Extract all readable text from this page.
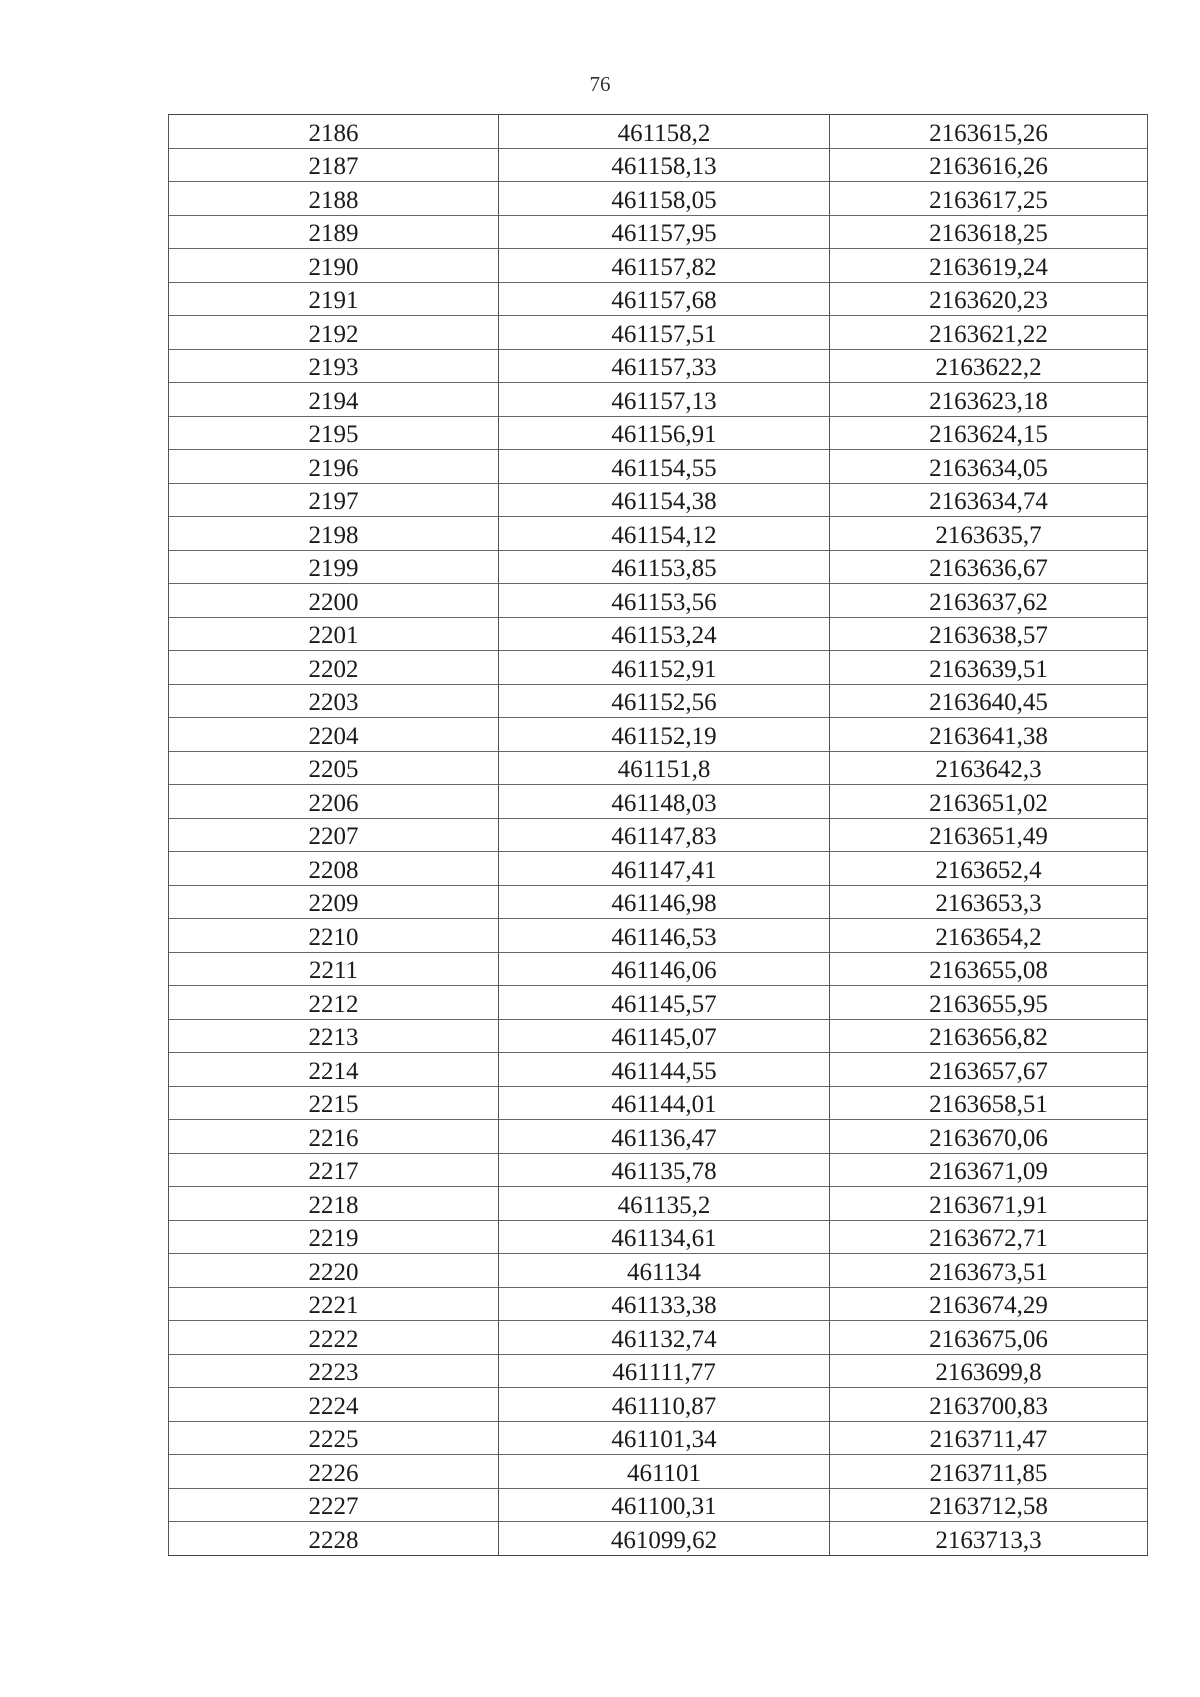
76
2186	461158,2	2163615,26
2187	461158,13	2163616,26
2188	461158,05	2163617,25
2189	461157,95	2163618,25
2190	461157,82	2163619,24
2191	461157,68	2163620,23
2192	461157,51	2163621,22
2193	461157,33	2163622,2
2194	461157,13	2163623,18
2195	461156,91	2163624,15
2196	461154,55	2163634,05
2197	461154,38	2163634,74
2198	461154,12	2163635,7
2199	461153,85	2163636,67
2200	461153,56	2163637,62
2201	461153,24	2163638,57
2202	461152,91	2163639,51
2203	461152,56	2163640,45
2204	461152,19	2163641,38
2205	461151,8	2163642,3
2206	461148,03	2163651,02
2207	461147,83	2163651,49
2208	461147,41	2163652,4
2209	461146,98	2163653,3
2210	461146,53	2163654,2
2211	461146,06	2163655,08
2212	461145,57	2163655,95
2213	461145,07	2163656,82
2214	461144,55	2163657,67
2215	461144,01	2163658,51
2216	461136,47	2163670,06
2217	461135,78	2163671,09
2218	461135,2	2163671,91
2219	461134,61	2163672,71
2220	461134	2163673,51
2221	461133,38	2163674,29
2222	461132,74	2163675,06
2223	461111,77	2163699,8
2224	461110,87	2163700,83
2225	461101,34	2163711,47
2226	461101	2163711,85
2227	461100,31	2163712,58
2228	461099,62	2163713,3
